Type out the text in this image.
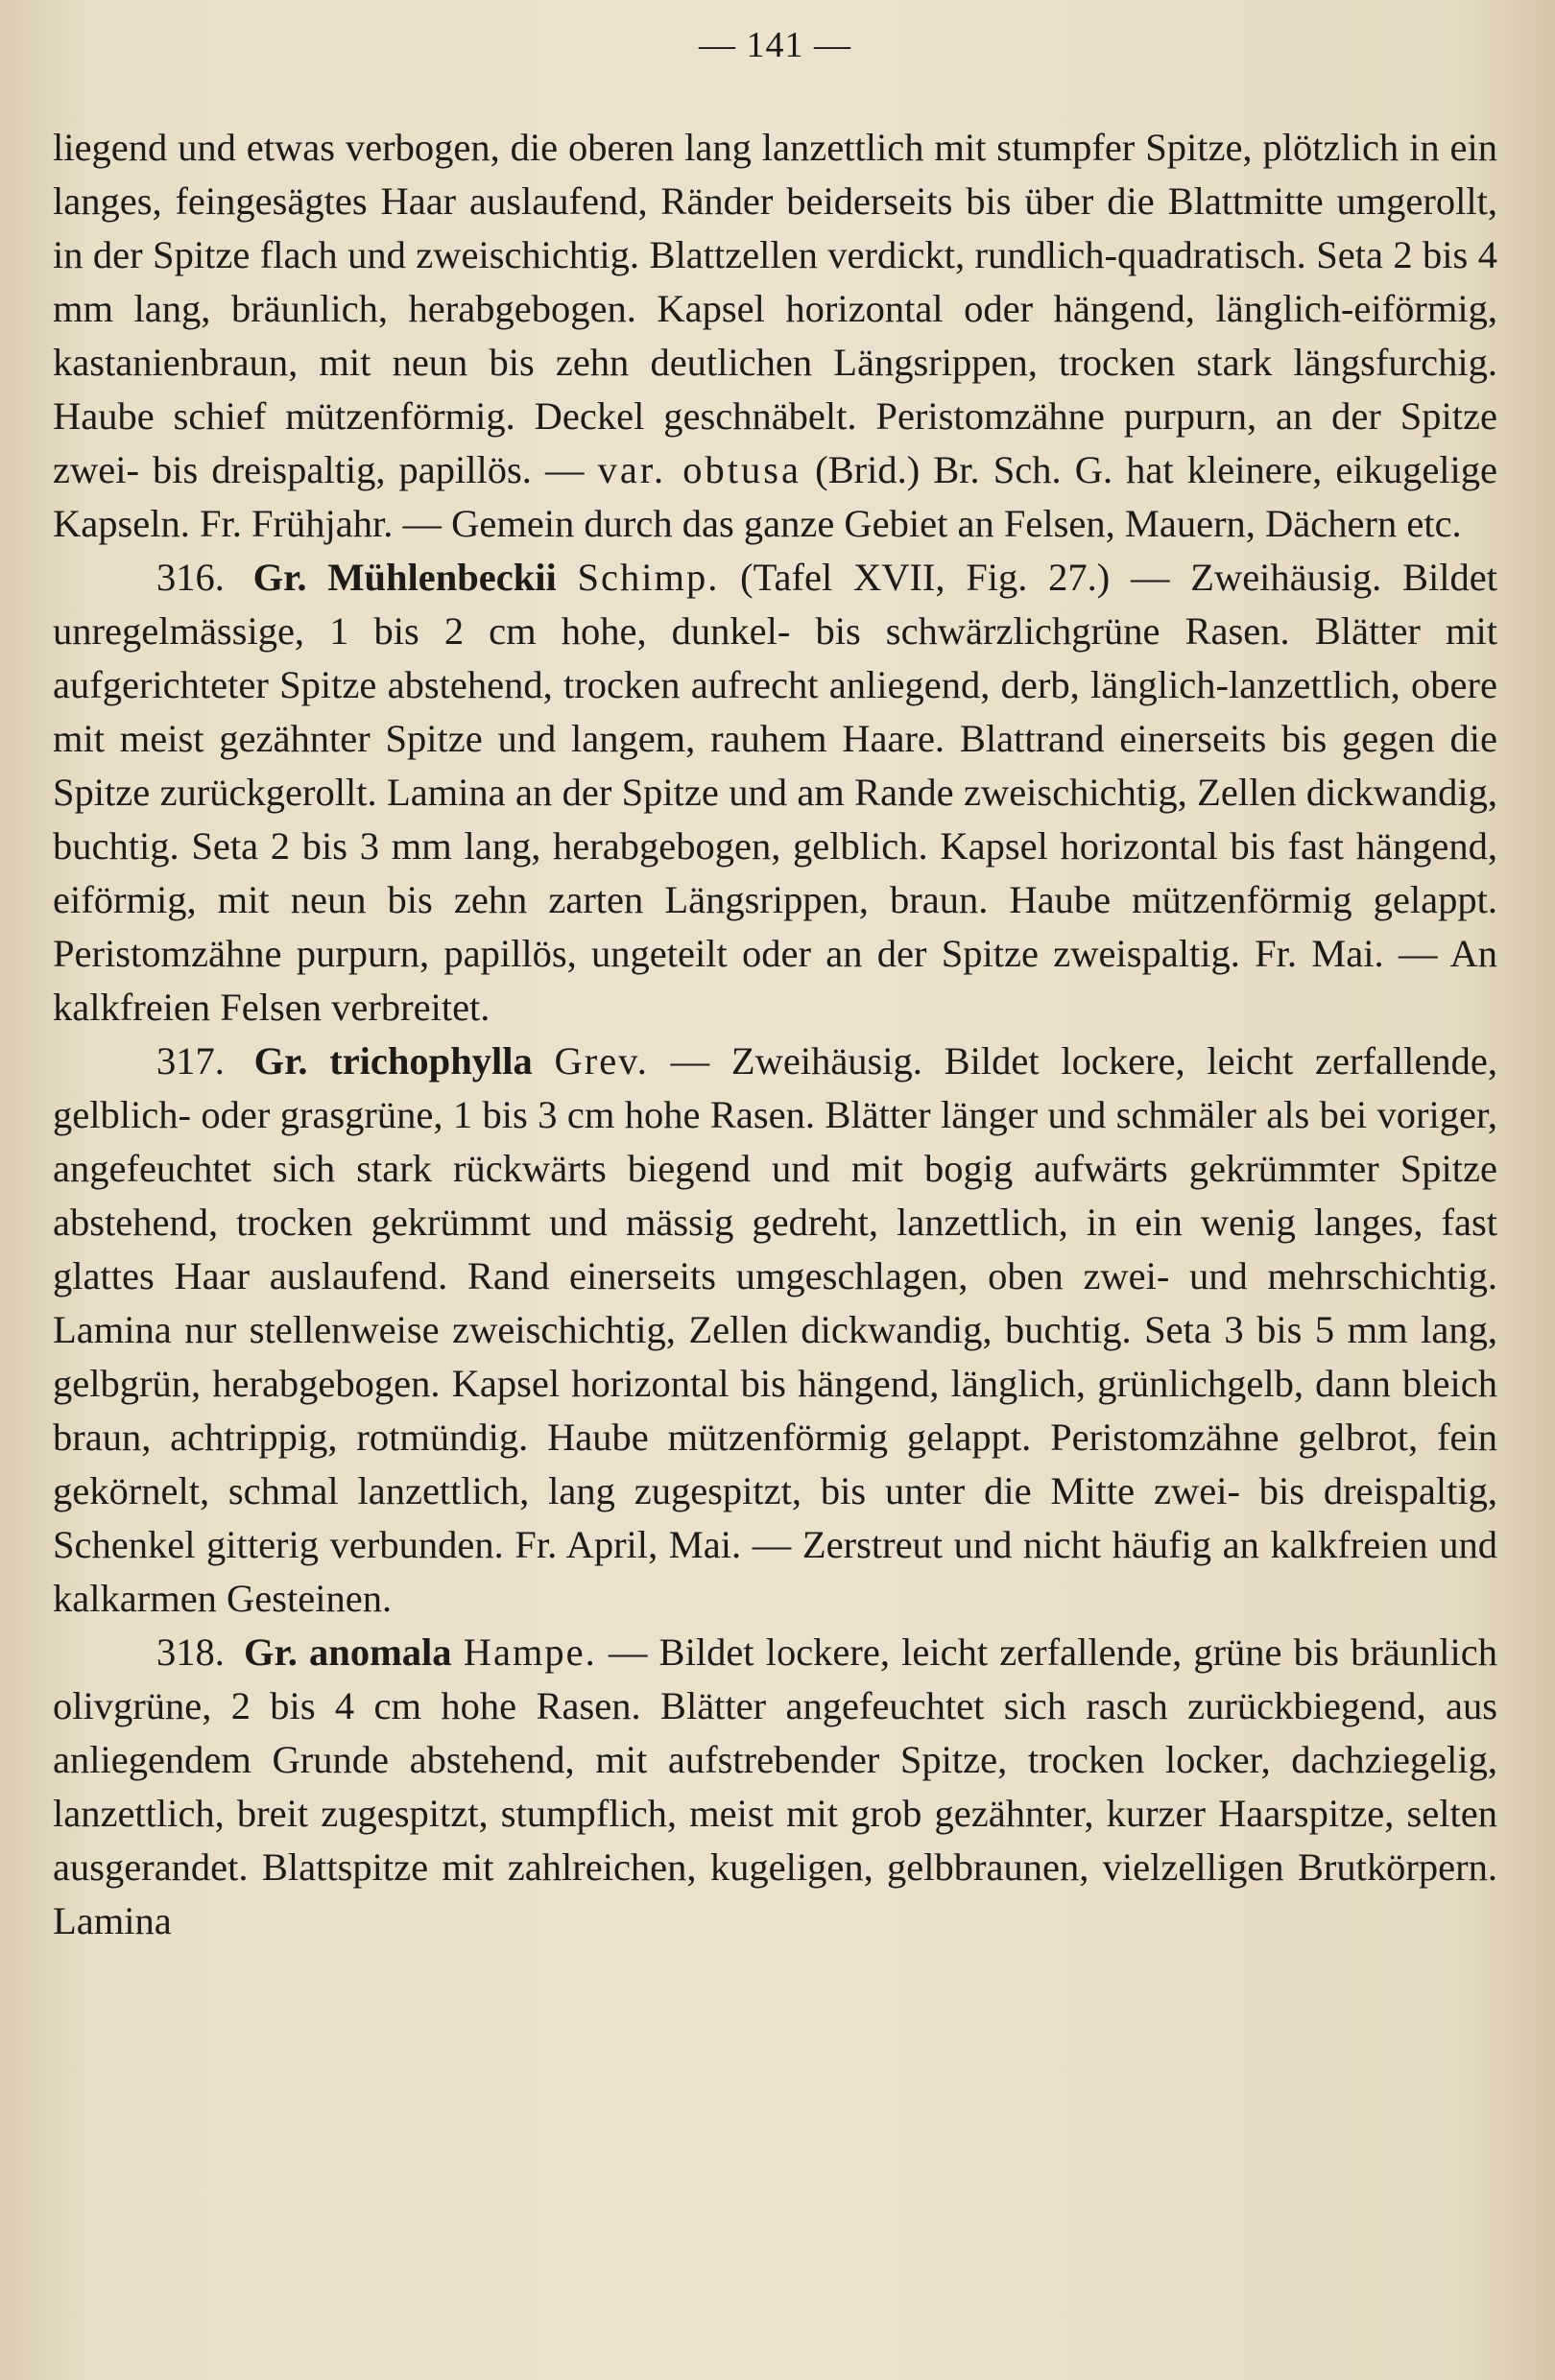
— 141 —

liegend und etwas verbogen, die oberen lang lanzettlich mit stumpfer Spitze, plötzlich in ein langes, feingesägtes Haar auslaufend, Ränder beiderseits bis über die Blattmitte umgerollt, in der Spitze flach und zweischichtig. Blattzellen verdickt, rundlich-quadratisch. Seta 2 bis 4 mm lang, bräunlich, herabgebogen. Kapsel horizontal oder hängend, länglich-eiförmig, kastanienbraun, mit neun bis zehn deutlichen Längsrippen, trocken stark längsfurchig. Haube schief mützenförmig. Deckel geschnäbelt. Peristomzähne purpurn, an der Spitze zwei- bis dreispaltig, papillös. — var. obtusa (Brid.) Br. Sch. G. hat kleinere, eikugelige Kapseln. Fr. Frühjahr. — Gemein durch das ganze Gebiet an Felsen, Mauern, Dächern etc.

316. Gr. Mühlenbeckii Schimp. (Tafel XVII, Fig. 27.) — Zweihäusig. Bildet unregelmässige, 1 bis 2 cm hohe, dunkel- bis schwärzlichgrüne Rasen. Blätter mit aufgerichteter Spitze abstehend, trocken aufrecht anliegend, derb, länglich-lanzettlich, obere mit meist gezähnter Spitze und langem, rauhem Haare. Blattrand einerseits bis gegen die Spitze zurückgerollt. Lamina an der Spitze und am Rande zweischichtig, Zellen dickwandig, buchtig. Seta 2 bis 3 mm lang, herabgebogen, gelblich. Kapsel horizontal bis fast hängend, eiförmig, mit neun bis zehn zarten Längsrippen, braun. Haube mützenförmig gelappt. Peristomzähne purpurn, papillös, ungeteilt oder an der Spitze zweispaltig. Fr. Mai. — An kalkfreien Felsen verbreitet.

317. Gr. trichophylla Grev. — Zweihäusig. Bildet lockere, leicht zerfallende, gelblich- oder grasgrüne, 1 bis 3 cm hohe Rasen. Blätter länger und schmäler als bei voriger, angefeuchtet sich stark rückwärts biegend und mit bogig aufwärts gekrümmter Spitze abstehend, trocken gekrümmt und mässig gedreht, lanzettlich, in ein wenig langes, fast glattes Haar auslaufend. Rand einerseits umgeschlagen, oben zwei- und mehrschichtig. Lamina nur stellenweise zweischichtig, Zellen dickwandig, buchtig. Seta 3 bis 5 mm lang, gelbgrün, herabgebogen. Kapsel horizontal bis hängend, länglich, grünlichgelb, dann bleich braun, achtrippig, rotmündig. Haube mützenförmig gelappt. Peristomzähne gelbrot, fein gekörnelt, schmal lanzettlich, lang zugespitzt, bis unter die Mitte zwei- bis dreispaltig, Schenkel gitterig verbunden. Fr. April, Mai. — Zerstreut und nicht häufig an kalkfreien und kalkarmen Gesteinen.

318. Gr. anomala Hampe. — Bildet lockere, leicht zerfallende, grüne bis bräunlich olivgrüne, 2 bis 4 cm hohe Rasen. Blätter angefeuchtet sich rasch zurückbiegend, aus anliegendem Grunde abstehend, mit aufstrebender Spitze, trocken locker, dachziegelig, lanzettlich, breit zugespitzt, stumpflich, meist mit grob gezähnter, kurzer Haarspitze, selten ausgerandet. Blattspitze mit zahlreichen, kugeligen, gelbbraunen, vielzelligen Brutkörpern. Lamina
